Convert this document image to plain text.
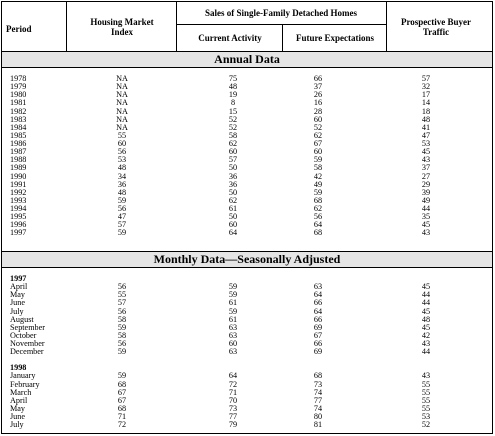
Period
Housing Market Index
Sales of Single-Family Detached Homes
Current Activity	Future Expectations
Prospective Buyer Traffic
Annual Data
1978	NA	75	66	57
1979	NA	48	37	32
1980	NA	19	26	17
1981	NA	8	16	14
1982	NA	15	28	18
1983	NA	52	60	48
1984	NA	52	52	41
1985	55	58	62	47
1986	60	62	67	53
1987	56	60	60	45
1988	53	57	59	43
1989	48	50	58	37
1990	34	36	42	27
1991	36	36	49	29
1992	48	50	59	39
1993	59	62	68	49
1994	56	61	62	44
1995	47	50	56	35
1996	57	60	64	45
1997	59	64	68	43
Monthly Data—Seasonally Adjusted
1997
April	56	59	63	45
May	55	59	64	44
June	57	61	66	44
July	56	59	64	45
August	58	61	66	48
September	59	63	69	45
October	58	63	67	42
November	56	60	66	43
December	59	63	69	44
1998
January	59	64	68	43
February	68	72	73	55
March	67	71	74	55
April	67	70	77	55
May	68	73	74	55
June	71	77	80	53
July	72	79	81	52
